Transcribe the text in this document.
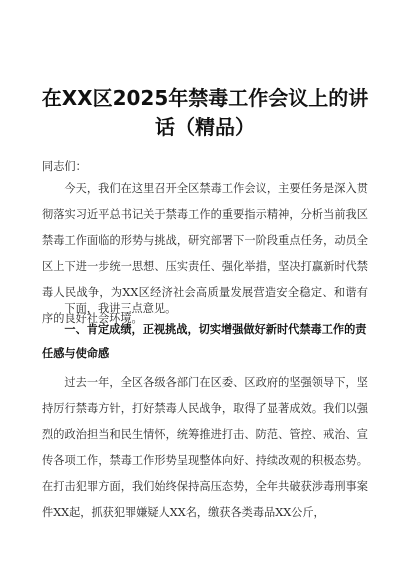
在XX区2025年禁毒工作会议上的讲话（精品）

同志们：

今天，我们在这里召开全区禁毒工作会议，主要任务是深入贯彻落实习近平总书记关于禁毒工作的重要指示精神，分析当前我区禁毒工作面临的形势与挑战，研究部署下一阶段重点任务，动员全区上下进一步统一思想、压实责任、强化举措，坚决打赢新时代禁毒人民战争，为XX区经济社会高质量发展营造安全稳定、和谐有序的良好社会环境。

下面，我讲三点意见。

一、肯定成绩，正视挑战，切实增强做好新时代禁毒工作的责任感与使命感

过去一年，全区各级各部门在区委、区政府的坚强领导下，坚持厉行禁毒方针，打好禁毒人民战争，取得了显著成效。我们以强烈的政治担当和民生情怀，统筹推进打击、防范、管控、戒治、宣传各项工作，禁毒工作形势呈现整体向好、持续改观的积极态势。在打击犯罪方面，我们始终保持高压态势，全年共破获涉毒刑事案件XX起，抓获犯罪嫌疑人XX名，缴获各类毒品XX公斤，
